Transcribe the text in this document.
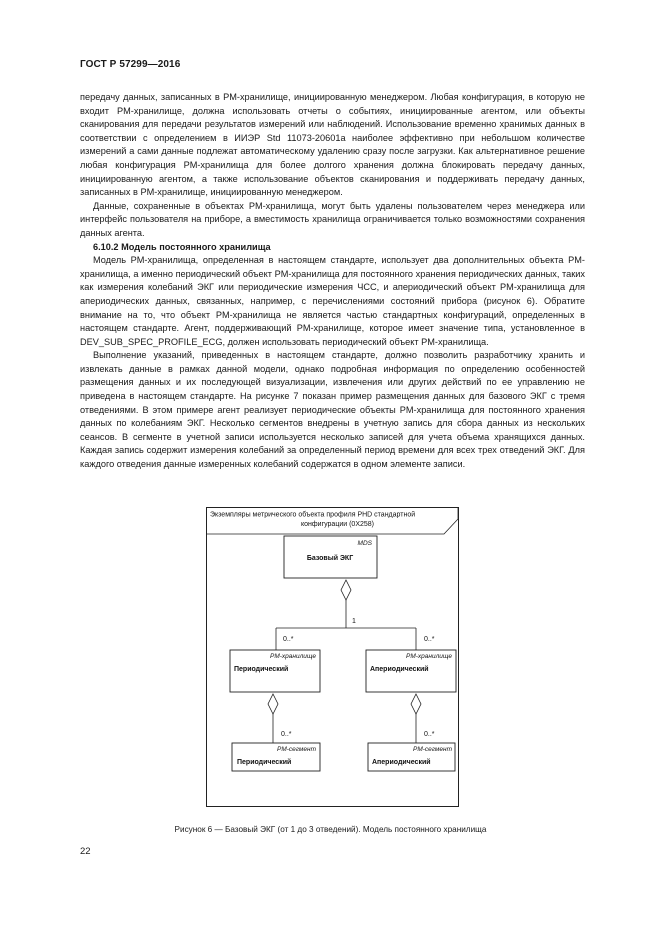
ГОСТ Р 57299—2016

передачу данных, записанных в PM-хранилище, инициированную менеджером. Любая конфигурация, в которую не входит PM-хранилище, должна использовать отчеты о событиях, инициированные агентом, или объекты сканирования для передачи результатов измерений или наблюдений. Использование временно хранимых данных в соответствии с определением в ИИЭР Std 11073-20601a наиболее эффективно при небольшом количестве измерений а сами данные подлежат автоматическому удалению сразу после загрузки. Как альтернативное решение любая конфигурация PM-хранилища для более долгого хранения должна блокировать передачу данных, инициированную агентом, а также использование объектов сканирования и поддерживать передачу данных, записанных в PM-хранилище, инициированную менеджером.

Данные, сохраненные в объектах PM-хранилища, могут быть удалены пользователем через менеджера или интерфейс пользователя на приборе, а вместимость хранилища ограничивается только возможностями сохранения данных агента.

6.10.2 Модель постоянного хранилища

Модель PM-хранилища, определенная в настоящем стандарте, использует два дополнительных объекта PM-хранилища, а именно периодический объект PM-хранилища для постоянного хранения периодических данных, таких как измерения колебаний ЭКГ или периодические измерения ЧСС, и апериодический объект PM-хранилища для апериодических данных, связанных, например, с перечислениями состояний прибора (рисунок 6). Обратите внимание на то, что объект PM-хранилища не является частью стандартных конфигураций, определенных в настоящем стандарте. Агент, поддерживающий PM-хранилище, которое имеет значение типа, установленное в DEV_SUB_SPEC_PROFILE_ECG, должен использовать периодический объект PM-хранилища.

Выполнение указаний, приведенных в настоящем стандарте, должно позволить разработчику хранить и извлекать данные в рамках данной модели, однако подробная информация по определению особенностей размещения данных и их последующей визуализации, извлечения или других действий по ее управлению не приведена в настоящем стандарте. На рисунке 7 показан пример размещения данных для базового ЭКГ с тремя отведениями. В этом примере агент реализует периодические объекты PM-хранилища для постоянного хранения данных по колебаниям ЭКГ. Несколько сегментов внедрены в учетную запись для сбора данных из нескольких сеансов. В сегменте в учетной записи используется несколько записей для учета объема хранящихся данных. Каждая запись содержит измерения колебаний за определенный период времени для всех трех отведений ЭКГ. Для каждого отведения данные измеренных колебаний содержатся в одном элементе записи.

Экземпляры метрического объекта профиля PHD стандартной
конфигурации (0X258)
MDS
Базовый ЭКГ
1
0..*	0..*
PM-хранилище
Периодический
PM-хранилище
Апериодический
0..*	0..*
PM-сегмент
Периодический
PM-сегмент
Апериодический
Рисунок 6 — Базовый ЭКГ (от 1 до 3 отведений). Модель постоянного хранилища
22
